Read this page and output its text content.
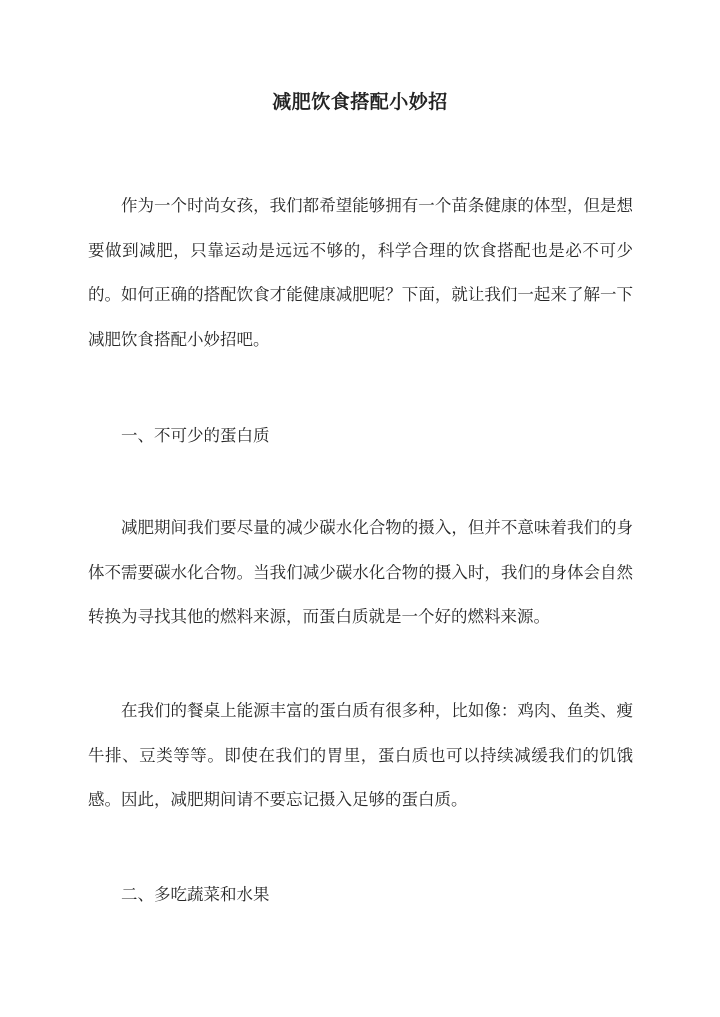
减肥饮食搭配小妙招

作为一个时尚女孩，我们都希望能够拥有一个苗条健康的体型，但是想要做到减肥，只靠运动是远远不够的，科学合理的饮食搭配也是必不可少的。如何正确的搭配饮食才能健康减肥呢？下面，就让我们一起来了解一下减肥饮食搭配小妙招吧。

一、不可少的蛋白质

减肥期间我们要尽量的减少碳水化合物的摄入，但并不意味着我们的身体不需要碳水化合物。当我们减少碳水化合物的摄入时，我们的身体会自然转换为寻找其他的燃料来源，而蛋白质就是一个好的燃料来源。

在我们的餐桌上能源丰富的蛋白质有很多种，比如像：鸡肉、鱼类、瘦牛排、豆类等等。即使在我们的胃里，蛋白质也可以持续减缓我们的饥饿感。因此，减肥期间请不要忘记摄入足够的蛋白质。

二、多吃蔬菜和水果
